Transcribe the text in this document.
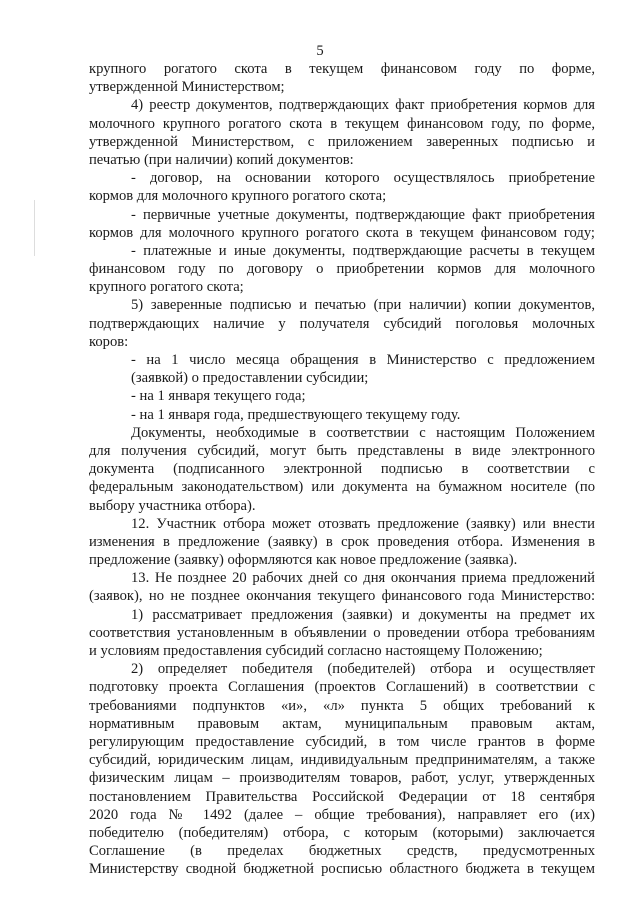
5
крупного рогатого скота в текущем финансовом году по форме,
утвержденной Министерством;
4) реестр документов, подтверждающих факт приобретения кормов для
молочного крупного рогатого скота в текущем финансовом году, по форме,
утвержденной Министерством, с приложением заверенных подписью и
печатью (при наличии) копий документов:
- договор, на основании которого осуществлялось приобретение
кормов для молочного крупного рогатого скота;
- первичные учетные документы, подтверждающие факт приобретения
кормов для молочного крупного рогатого скота в текущем финансовом году;
- платежные и иные документы, подтверждающие расчеты в текущем
финансовом году по договору о приобретении кормов для молочного
крупного рогатого скота;
5) заверенные подписью и печатью (при наличии) копии документов,
подтверждающих наличие у получателя субсидий поголовья молочных
коров:
- на 1 число месяца обращения в Министерство с предложением
(заявкой) о предоставлении субсидии;
- на 1 января текущего года;
- на 1 января года, предшествующего текущему году.
Документы, необходимые в соответствии с настоящим Положением
для получения субсидий, могут быть представлены в виде электронного
документа (подписанного электронной подписью в соответствии с
федеральным законодательством) или документа на бумажном носителе (по
выбору участника отбора).
12. Участник отбора может отозвать предложение (заявку) или внести
изменения в предложение (заявку) в срок проведения отбора. Изменения в
предложение (заявку) оформляются как новое предложение (заявка).
13. Не позднее 20 рабочих дней со дня окончания приема предложений
(заявок), но не позднее окончания текущего финансового года Министерство:
1) рассматривает предложения (заявки) и документы на предмет их
соответствия установленным в объявлении о проведении отбора требованиям
и условиям предоставления субсидий согласно настоящему Положению;
2) определяет победителя (победителей) отбора и осуществляет
подготовку проекта Соглашения (проектов Соглашений) в соответствии с
требованиями подпунктов «и», «л» пункта 5 общих требований к
нормативным правовым актам, муниципальным правовым актам,
регулирующим предоставление субсидий, в том числе грантов в форме
субсидий, юридическим лицам, индивидуальным предпринимателям, а также
физическим лицам – производителям товаров, работ, услуг, утвержденных
постановлением Правительства Российской Федерации от 18 сентября
2020 года № 1492 (далее – общие требования), направляет его (их)
победителю (победителям) отбора, с которым (которыми) заключается
Соглашение (в пределах бюджетных средств, предусмотренных
Министерству сводной бюджетной росписью областного бюджета в текущем
